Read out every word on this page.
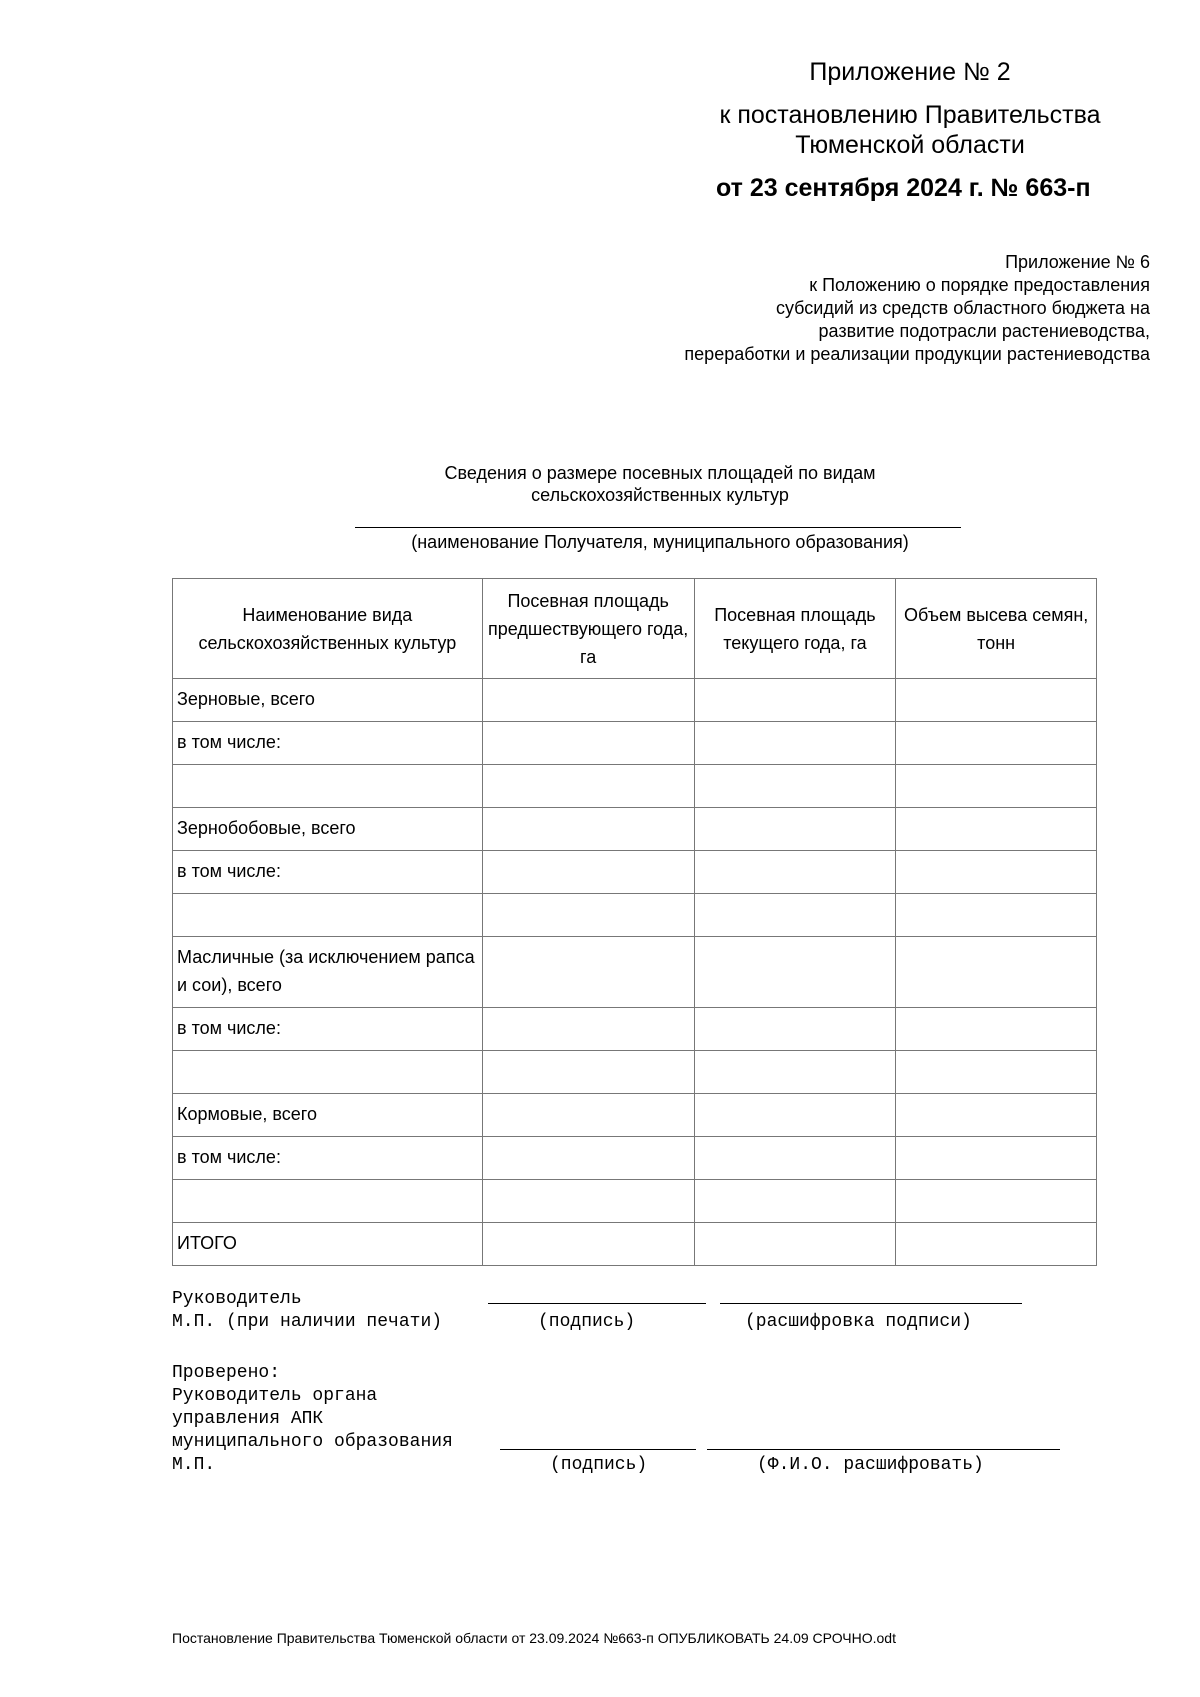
Приложение № 2
к постановлению Правительства
Тюменской области
от 23 сентября 2024 г. № 663-п
Приложение № 6
к Положению о порядке предоставления
субсидий из средств областного бюджета на
развитие подотрасли растениеводства,
переработки и реализации продукции растениеводства
Сведения о размере посевных площадей по видам
сельскохозяйственных культур
(наименование Получателя, муниципального образования)
Наименование вида сельскохозяйственных культур	Посевная площадь предшествующего года, га	Посевная площадь текущего года, га	Объем высева семян, тонн
Зерновые, всего			
в том числе:			

Зернобобовые, всего			
в том числе:			

Масличные (за исключением рапса и сои), всего			
в том числе:			

Кормовые, всего			
в том числе:			

ИТОГО			
Руководитель
М.П. (при наличии печати)	(подпись)	(расшифровка подписи)
Проверено:
Руководитель органа
управления АПК
муниципального образования
М.П.	(подпись)	(Ф.И.О. расшифровать)
Постановление Правительства Тюменской области от 23.09.2024 №663-п ОПУБЛИКОВАТЬ 24.09 СРОЧНО.odt
